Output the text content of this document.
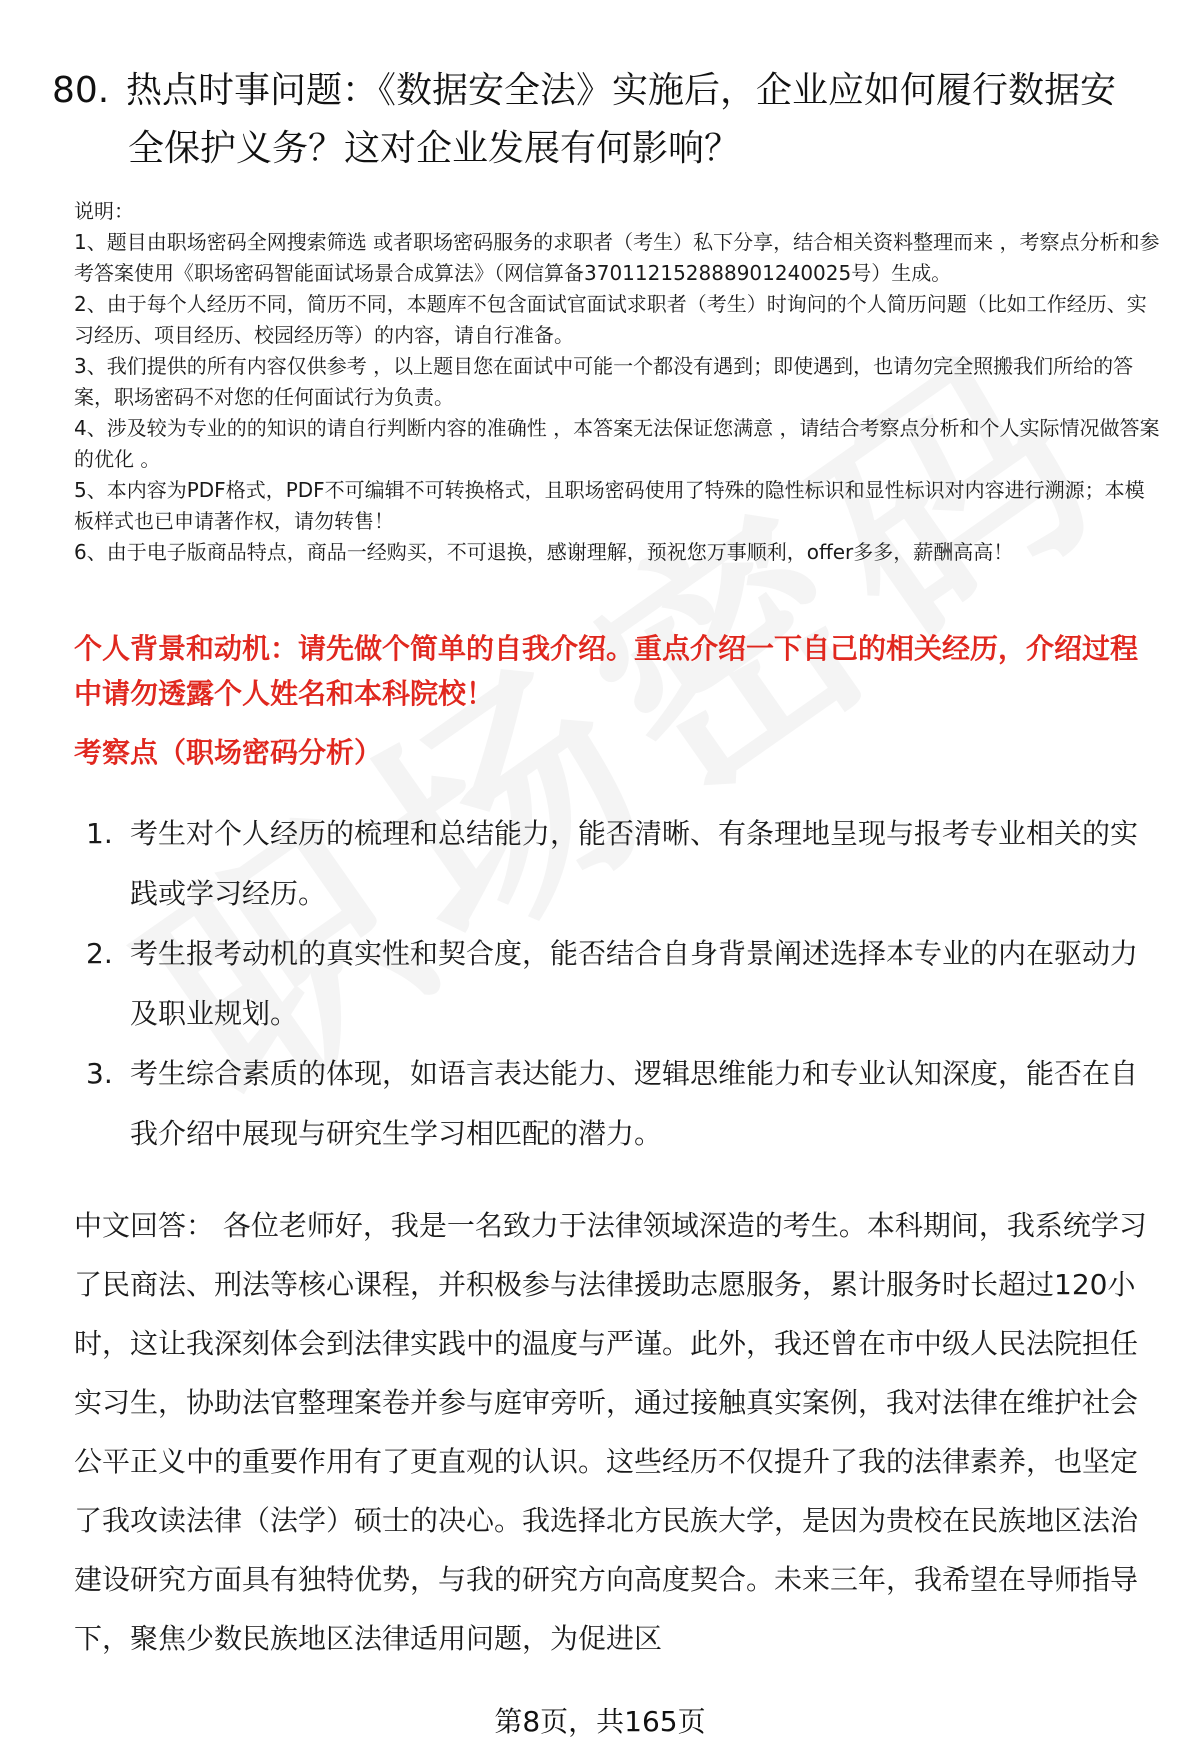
80. 热点时事问题：《数据安全法》实施后，企业应如何履行数据安
全保护义务？这对企业发展有何影响？

说明：

1、题目由职场密码全网搜索筛选 或者职场密码服务的求职者（考生）私下分享，结合相关资料整理而来 ，考察点分析和参考答案使用《职场密码智能面试场景合成算法》（网信算备370112152888901240025号）生成。

2、由于每个人经历不同，简历不同，本题库不包含面试官面试求职者（考生）时询问的个人简历问题（比如工作经历、实习经历、项目经历、校园经历等）的内容，请自行准备。

3、我们提供的所有内容仅供参考 ，以上题目您在面试中可能一个都没有遇到；即使遇到，也请勿完全照搬我们所给的答案，职场密码不对您的任何面试行为负责。

4、涉及较为专业的的知识的请自行判断内容的准确性 ，本答案无法保证您满意 ，请结合考察点分析和个人实际情况做答案的优化 。

5、本内容为PDF格式，PDF不可编辑不可转换格式，且职场密码使用了特殊的隐性标识和显性标识对内容进行溯源；本模板样式也已申请著作权，请勿转售！

6、由于电子版商品特点，商品一经购买，不可退换，感谢理解，预祝您万事顺利，offer多多，薪酬高高！

个人背景和动机：请先做个简单的自我介绍。重点介绍一下自己的相关经历，介绍过程中请勿透露个人姓名和本科院校！
考察点（职场密码分析）
1. 考生对个人经历的梳理和总结能力，能否清晰、有条理地呈现与报考专业相关的实践或学习经历。
2. 考生报考动机的真实性和契合度，能否结合自身背景阐述选择本专业的内在驱动力及职业规划。
3. 考生综合素质的体现，如语言表达能力、逻辑思维能力和专业认知深度，能否在自我介绍中展现与研究生学习相匹配的潜力。

中文回答： 各位老师好，我是一名致力于法律领域深造的考生。本科期间，我系统学习了民商法、刑法等核心课程，并积极参与法律援助志愿服务，累计服务时长超过120小时，这让我深刻体会到法律实践中的温度与严谨。此外，我还曾在市中级人民法院担任实习生，协助法官整理案卷并参与庭审旁听，通过接触真实案例，我对法律在维护社会公平正义中的重要作用有了更直观的认识。这些经历不仅提升了我的法律素养，也坚定了我攻读法律（法学）硕士的决心。我选择北方民族大学，是因为贵校在民族地区法治建设研究方面具有独特优势，与我的研究方向高度契合。未来三年，我希望在导师指导下，聚焦少数民族地区法律适用问题，为促进区

第8页，共165页
